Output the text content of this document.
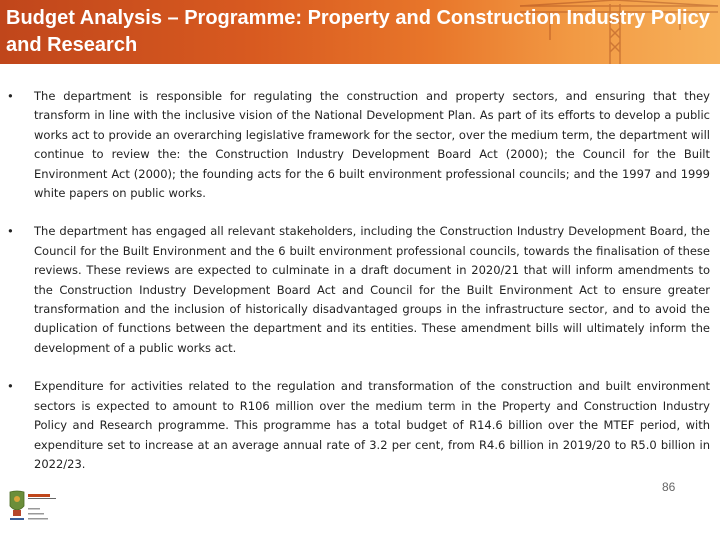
Budget Analysis – Programme: Property and Construction Industry Policy and Research
• The department is responsible for regulating the construction and property sectors, and ensuring that they transform in line with the inclusive vision of the National Development Plan. As part of its efforts to develop a public works act to provide an overarching legislative framework for the sector, over the medium term, the department will continue to review the: the Construction Industry Development Board Act (2000); the Council for the Built Environment Act (2000); the founding acts for the 6 built environment professional councils; and the 1997 and 1999 white papers on public works.
• The department has engaged all relevant stakeholders, including the Construction Industry Development Board, the Council for the Built Environment and the 6 built environment professional councils, towards the finalisation of these reviews. These reviews are expected to culminate in a draft document in 2020/21 that will inform amendments to the Construction Industry Development Board Act and Council for the Built Environment Act to ensure greater transformation and the inclusion of historically disadvantaged groups in the infrastructure sector, and to avoid the duplication of functions between the department and its entities. These amendment bills will ultimately inform the development of a public works act.
• Expenditure for activities related to the regulation and transformation of the construction and built environment sectors is expected to amount to R106 million over the medium term in the Property and Construction Industry Policy and Research programme. This programme has a total budget of R14.6 billion over the MTEF period, with expenditure set to increase at an average annual rate of 3.2 per cent, from R4.6 billion in 2019/20 to R5.0 billion in 2022/23.
86
